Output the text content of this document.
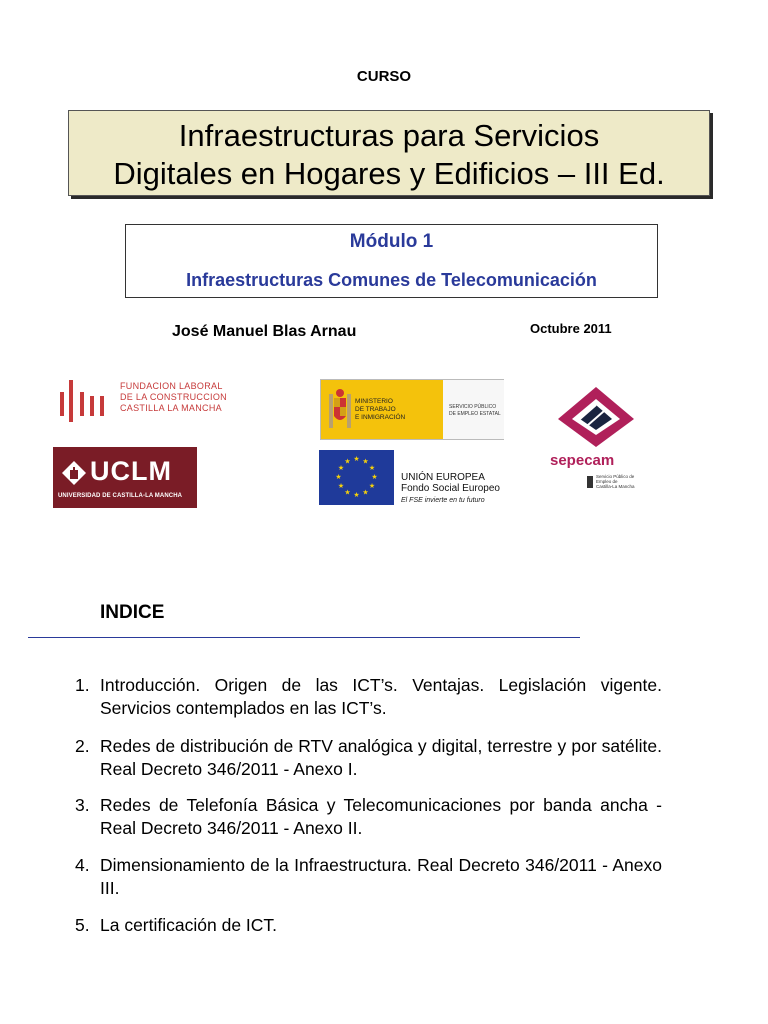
CURSO
Infraestructuras para Servicios
Digitales en Hogares y Edificios – III Ed.
Módulo 1
Infraestructuras Comunes de Telecomunicación
José Manuel Blas Arnau	Octubre 2011
FUNDACION LABORAL
DE LA CONSTRUCCION
CASTILLA LA MANCHA
MINISTERIO
DE TRABAJO
E INMIGRACIÓN
SERVICIO PÚBLICO
DE EMPLEO ESTATAL
sepecam
Servicio Público de
Empleo de
Castilla-La Mancha
UCLM
UNIVERSIDAD DE CASTILLA-LA MANCHA
★ ★
★
★
★
★
★
★
★
★
★
★
UNIÓN EUROPEA
Fondo Social Europeo
El FSE invierte en tu futuro
INDICE
1. Introducción. Origen de las ICT’s. Ventajas. Legislación vigente. Servicios contemplados en las ICT’s.
2. Redes de distribución de RTV analógica y digital, terrestre y por satélite. Real Decreto 346/2011 - Anexo I.
3. Redes de Telefonía Básica y Telecomunicaciones por banda ancha - Real Decreto 346/2011 - Anexo II.
4. Dimensionamiento de la Infraestructura. Real Decreto 346/2011 - Anexo III.
5. La certificación de ICT.
